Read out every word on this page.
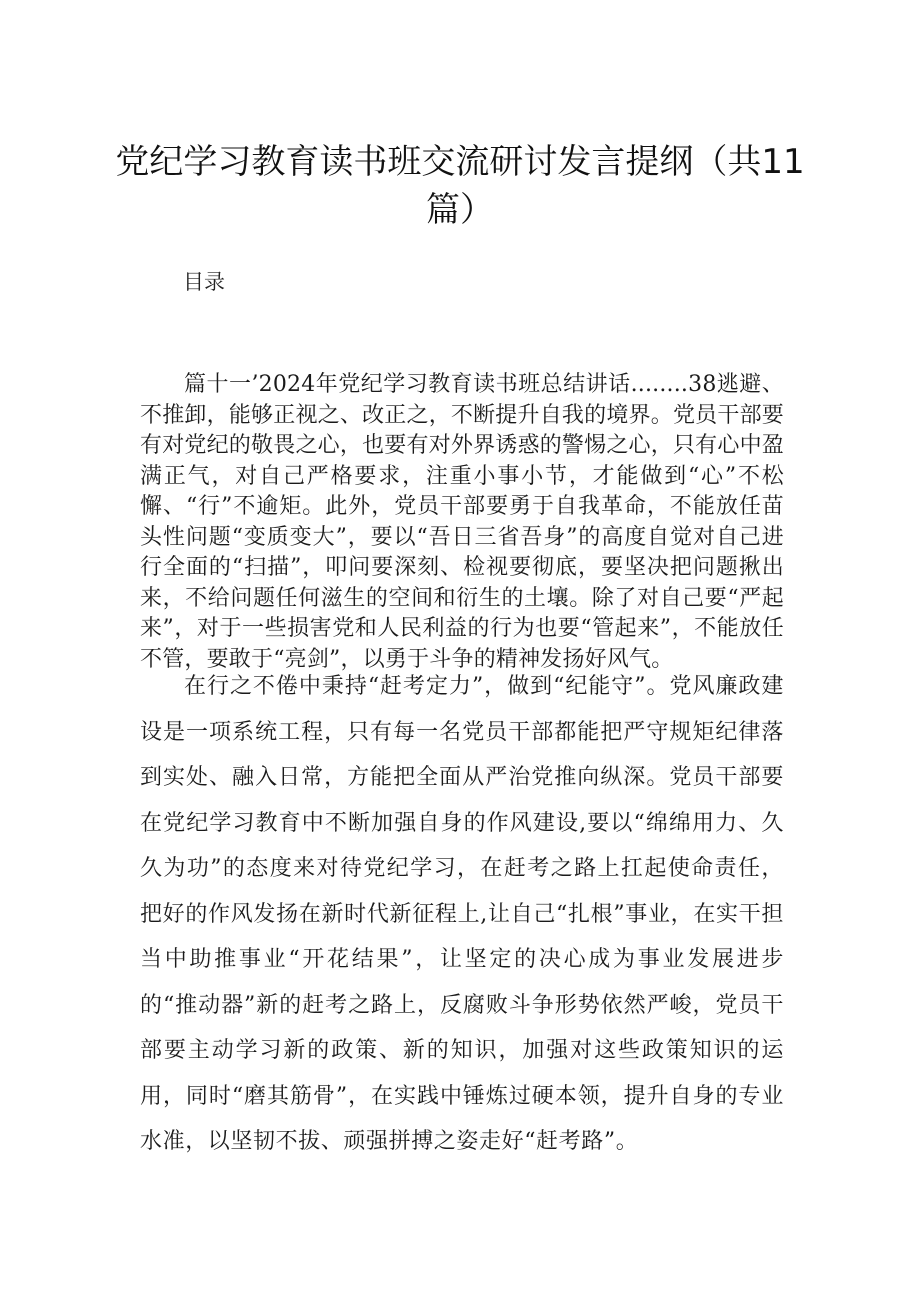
党纪学习教育读书班交流研讨发言提纲（共11篇）

目录

篇十一’2024年党纪学习教育读书班总结讲话........38逃避、不推卸，能够正视之、改正之，不断提升自我的境界。党员干部要有对党纪的敬畏之心，也要有对外界诱惑的警惕之心，只有心中盈满正气，对自己严格要求，注重小事小节，才能做到“心”不松懈、“行”不逾矩。此外，党员干部要勇于自我革命，不能放任苗头性问题“变质变大”，要以“吾日三省吾身”的高度自觉对自己进行全面的“扫描”，叩问要深刻、检视要彻底，要坚决把问题揪出来，不给问题任何滋生的空间和衍生的土壤。除了对自己要“严起来”，对于一些损害党和人民利益的行为也要“管起来”，不能放任不管，要敢于“亮剑”，以勇于斗争的精神发扬好风气。

在行之不倦中秉持“赶考定力”，做到“纪能守”。党风廉政建设是一项系统工程，只有每一名党员干部都能把严守规矩纪律落到实处、融入日常，方能把全面从严治党推向纵深。党员干部要在党纪学习教育中不断加强自身的作风建设,要以“绵绵用力、久久为功”的态度来对待党纪学习，在赶考之路上扛起使命责任，把好的作风发扬在新时代新征程上,让自己“扎根”事业，在实干担当中助推事业“开花结果”，让坚定的决心成为事业发展进步的“推动器”新的赶考之路上，反腐败斗争形势依然严峻，党员干部要主动学习新的政策、新的知识，加强对这些政策知识的运用，同时“磨其筋骨”，在实践中锤炼过硬本领，提升自身的专业水准，以坚韧不拔、顽强拼搏之姿走好“赶考路”。
